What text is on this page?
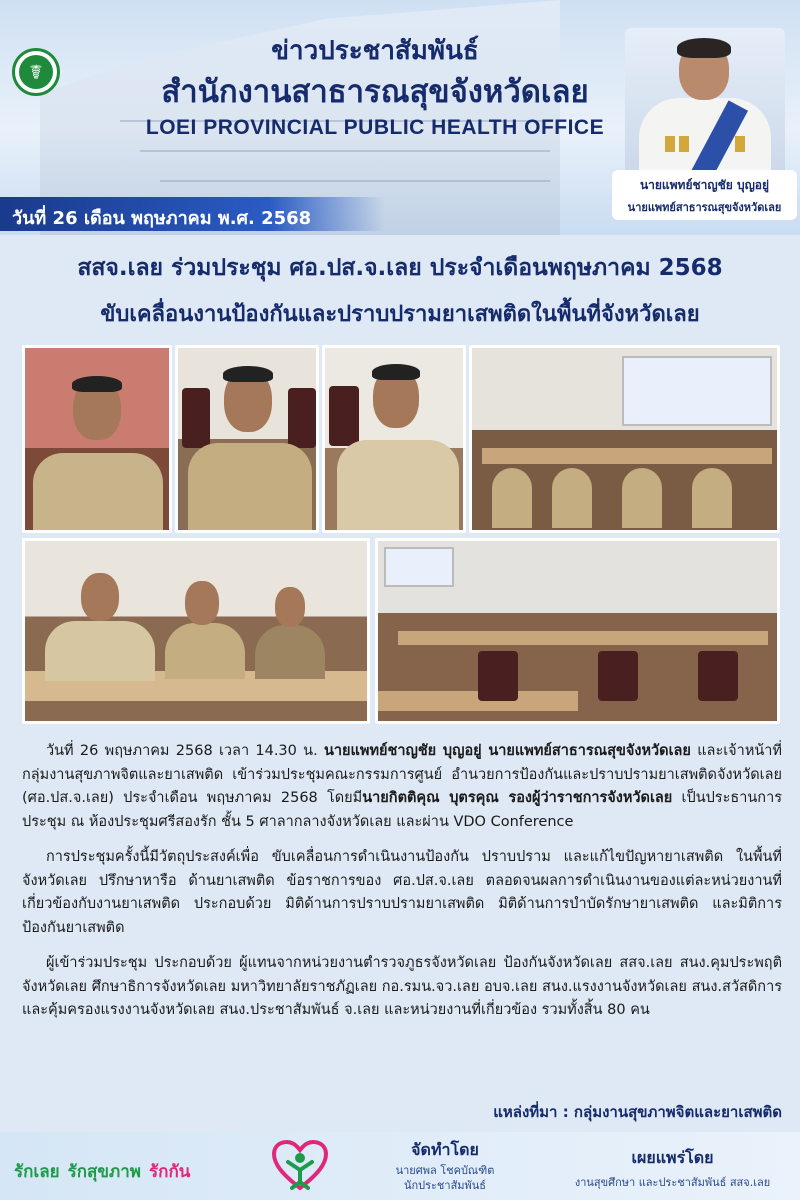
☤
ข่าวประชาสัมพันธ์
สำนักงานสาธารณสุขจังหวัดเลย
LOEI PROVINCIAL PUBLIC HEALTH OFFICE
วันที่ 26 เดือน พฤษภาคม พ.ศ. 2568
นายแพทย์ชาญชัย บุญอยู่
นายแพทย์สาธารณสุขจังหวัดเลย
สสจ.เลย ร่วมประชุม ศอ.ปส.จ.เลย ประจำเดือนพฤษภาคม 2568
ขับเคลื่อนงานป้องกันและปราบปรามยาเสพติดในพื้นที่จังหวัดเลย

วันที่ 26 พฤษภาคม 2568 เวลา 14.30 น. นายแพทย์ชาญชัย บุญอยู่ นายแพทย์สาธารณสุขจังหวัดเลย และเจ้าหน้าที่กลุ่มงานสุขภาพจิตและยาเสพติด เข้าร่วมประชุมคณะกรรมการศูนย์ อำนวยการป้องกันและปราบปรามยาเสพติดจังหวัดเลย (ศอ.ปส.จ.เลย) ประจำเดือน พฤษภาคม 2568 โดยมีนายกิตติคุณ บุตรคุณ รองผู้ว่าราชการจังหวัดเลย เป็นประธานการประชุม ณ ห้องประชุมศรีสองรัก ชั้น 5 ศาลากลางจังหวัดเลย และผ่าน VDO Conference

การประชุมครั้งนี้มีวัตถุประสงค์เพื่อ ขับเคลื่อนการดำเนินงานป้องกัน ปราบปราม และแก้ไขปัญหายาเสพติด ในพื้นที่จังหวัดเลย ปรึกษาหารือ ด้านยาเสพติด ข้อราชการของ ศอ.ปส.จ.เลย ตลอดจนผลการดำเนินงานของแต่ละหน่วยงานที่เกี่ยวข้องกับงานยาเสพติด ประกอบด้วย มิติด้านการปราบปรามยาเสพติด มิติด้านการบำบัดรักษายาเสพติด และมิติการป้องกันยาเสพติด

ผู้เข้าร่วมประชุม ประกอบด้วย ผู้แทนจากหน่วยงานตำรวจภูธรจังหวัดเลย ป้องกันจังหวัดเลย สสจ.เลย สนง.คุมประพฤติจังหวัดเลย ศึกษาธิการจังหวัดเลย มหาวิทยาลัยราชภัฏเลย กอ.รมน.จว.เลย อบจ.เลย สนง.แรงงานจังหวัดเลย สนง.สวัสดิการและคุ้มครองแรงงานจังหวัดเลย สนง.ประชาสัมพันธ์ จ.เลย และหน่วยงานที่เกี่ยวข้อง รวมทั้งสิ้น 80 คน

แหล่งที่มา : กลุ่มงานสุขภาพจิตและยาเสพติด
รักเลย รักสุขภาพ รักกัน
จัดทำโดย
นายศพล โชคบัณฑิต
นักประชาสัมพันธ์
เผยแพร่โดย
งานสุขศึกษา และประชาสัมพันธ์ สสจ.เลย
